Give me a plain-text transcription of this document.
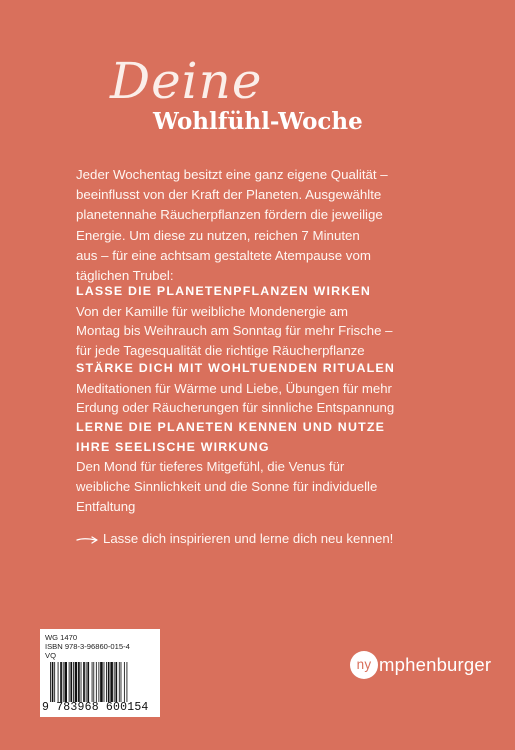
Deine
Wohlfühl-Woche
Jeder Wochentag besitzt eine ganz eigene Qualität –
beeinflusst von der Kraft der Planeten. Ausgewählte
planetennahe Räucherpflanzen fördern die jeweilige
Energie. Um diese zu nutzen, reichen 7 Minuten
aus – für eine achtsam gestaltete Atempause vom
täglichen Trubel:
LASSE DIE PLANETENPFLANZEN WIRKEN

Von der Kamille für weibliche Mondenergie am
Montag bis Weihrauch am Sonntag für mehr Frische –
für jede Tagesqualität die richtige Räucherpflanze

STÄRKE DICH MIT WOHLTUENDEN RITUALEN

Meditationen für Wärme und Liebe, Übungen für mehr
Erdung oder Räucherungen für sinnliche Entspannung

LERNE DIE PLANETEN KENNEN UND NUTZE
IHRE SEELISCHE WIRKUNG

Den Mond für tieferes Mitgefühl, die Venus für
weibliche Sinnlichkeit und die Sonne für individuelle
Entfaltung

Lasse dich inspirieren und lerne dich neu kennen!
WG 1470
ISBN 978-3-96860-015-4
VQ
9 783968 600154
ny mphenburger
